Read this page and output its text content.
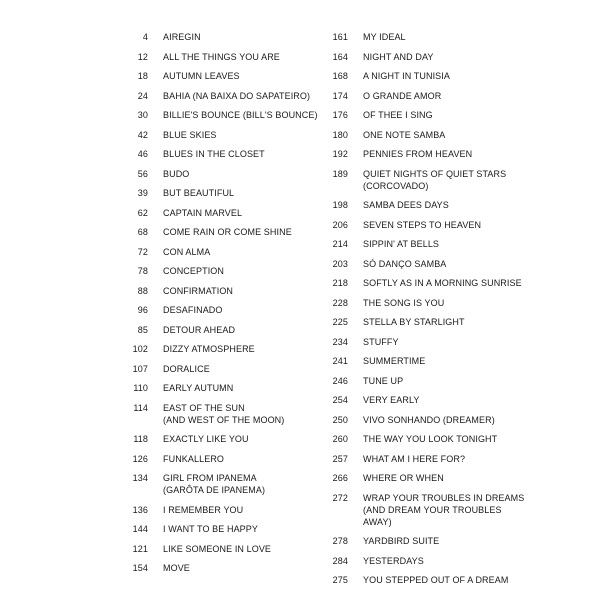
4	AIREGIN
12	ALL THE THINGS YOU ARE
18	AUTUMN LEAVES
24	BAHIA (NA BAIXA DO SAPATEIRO)
30	BILLIE'S BOUNCE (BILL'S BOUNCE)
42	BLUE SKIES
46	BLUES IN THE CLOSET
56	BUDO
39	BUT BEAUTIFUL
62	CAPTAIN MARVEL
68	COME RAIN OR COME SHINE
72	CON ALMA
78	CONCEPTION
88	CONFIRMATION
96	DESAFINADO
85	DETOUR AHEAD
102	DIZZY ATMOSPHERE
107	DORALICE
110	EARLY AUTUMN
114	EAST OF THE SUN
(AND WEST OF THE MOON)
118	EXACTLY LIKE YOU
126	FUNKALLERO
134	GIRL FROM IPANEMA
(GARÔTA DE IPANEMA)
136	I REMEMBER YOU
144	I WANT TO BE HAPPY
121	LIKE SOMEONE IN LOVE
154	MOVE
161	MY IDEAL
164	NIGHT AND DAY
168	A NIGHT IN TUNISIA
174	O GRANDE AMOR
176	OF THEE I SING
180	ONE NOTE SAMBA
192	PENNIES FROM HEAVEN
189	QUIET NIGHTS OF QUIET STARS
(CORCOVADO)
198	SAMBA DEES DAYS
206	SEVEN STEPS TO HEAVEN
214	SIPPIN' AT BELLS
203	SÓ DANÇO SAMBA
218	SOFTLY AS IN A MORNING SUNRISE
228	THE SONG IS YOU
225	STELLA BY STARLIGHT
234	STUFFY
241	SUMMERTIME
246	TUNE UP
254	VERY EARLY
250	VIVO SONHANDO (DREAMER)
260	THE WAY YOU LOOK TONIGHT
257	WHAT AM I HERE FOR?
266	WHERE OR WHEN
272	WRAP YOUR TROUBLES IN DREAMS
(AND DREAM YOUR TROUBLES AWAY)
278	YARDBIRD SUITE
284	YESTERDAYS
275	YOU STEPPED OUT OF A DREAM
